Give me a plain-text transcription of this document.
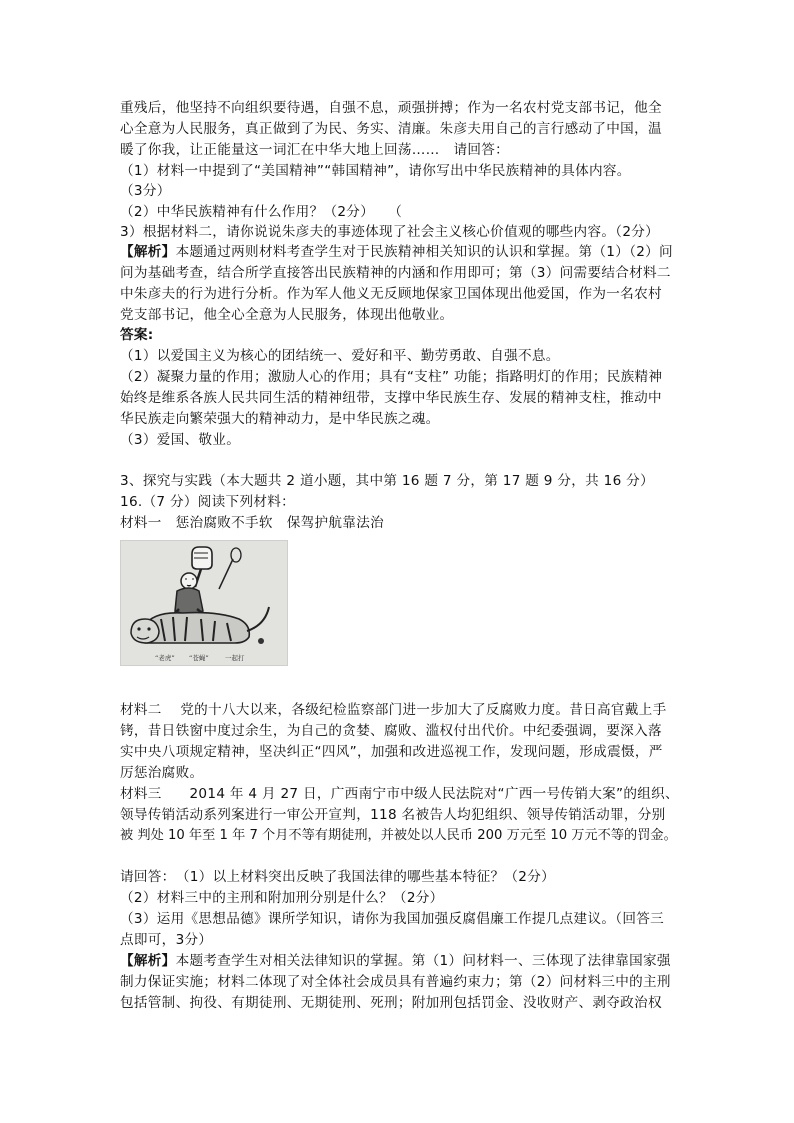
重残后，他坚持不向组织要待遇，自强不息，顽强拼搏；作为一名农村党支部书记，他全
心全意为人民服务，真正做到了为民、务实、清廉。朱彦夫用自己的言行感动了中国，温
暖了你我，让正能量这一词汇在中华大地上回荡……　请回答：
（1）材料一中提到了“美国精神”“韩国精神”，请你写出中华民族精神的具体内容。
（3分）
（2）中华民族精神有什么作用？（2分）　　（
3）根据材料二，请你说说朱彦夫的事迹体现了社会主义核心价值观的哪些内容。（2分）
【解析】本题通过两则材料考查学生对于民族精神相关知识的认识和掌握。第（1）（2）问
问为基础考查，结合所学直接答出民族精神的内涵和作用即可；第（3）问需要结合材料二
中朱彦夫的行为进行分析。作为军人他义无反顾地保家卫国体现出他爱国，作为一名农村
党支部书记，他全心全意为人民服务，体现出他敬业。
答案:
（1）以爱国主义为核心的团结统一、爱好和平、勤劳勇敢、自强不息。
（2）凝聚力量的作用；激励人心的作用；具有“支柱” 功能；指路明灯的作用；民族精神
始终是维系各族人民共同生活的精神纽带，支撑中华民族生存、发展的精神支柱，推动中
华民族走向繁荣强大的精神动力，是中华民族之魂。
（3）爱国、敬业。
3、探究与实践（本大题共 2 道小题，其中第 16 题 7 分，第 17 题 9 分，共 16 分）
16.（7 分）阅读下列材料：
材料一　惩治腐败不手软　保驾护航靠法治
“老虎” “苍蝇”	一起打
材料二　 党的十八大以来，各级纪检监察部门进一步加大了反腐败力度。昔日高官戴上手
铐，昔日铁窗中度过余生，为自己的贪婪、腐败、滥权付出代价。中纪委强调，要深入落
实中央八项规定精神，坚决纠正“四风”，加强和改进巡视工作，发现问题，形成震慑，严
厉惩治腐败。
材料三　　2014 年 4 月 27 日，广西南宁市中级人民法院对“广西一号传销大案”的组织、
领导传销活动系列案进行一审公开宣判，118 名被告人均犯组织、领导传销活动罪，分别
被 判处 10 年至 1 年 7 个月不等有期徒刑，并被处以人民币 200 万元至 10 万元不等的罚金。
请回答：　（1）以上材料突出反映了我国法律的哪些基本特征？（2分）
（2）材料三中的主刑和附加刑分别是什么？（2分）
（3）运用《思想品德》课所学知识，请你为我国加强反腐倡廉工作提几点建议。（回答三
点即可，3分）
【解析】本题考查学生对相关法律知识的掌握。第（1）问材料一、三体现了法律靠国家强
制力保证实施；材料二体现了对全体社会成员具有普遍约束力；第（2）问材料三中的主刑
包括管制、拘役、有期徒刑、无期徒刑、死刑；附加刑包括罚金、没收财产、剥夺政治权
